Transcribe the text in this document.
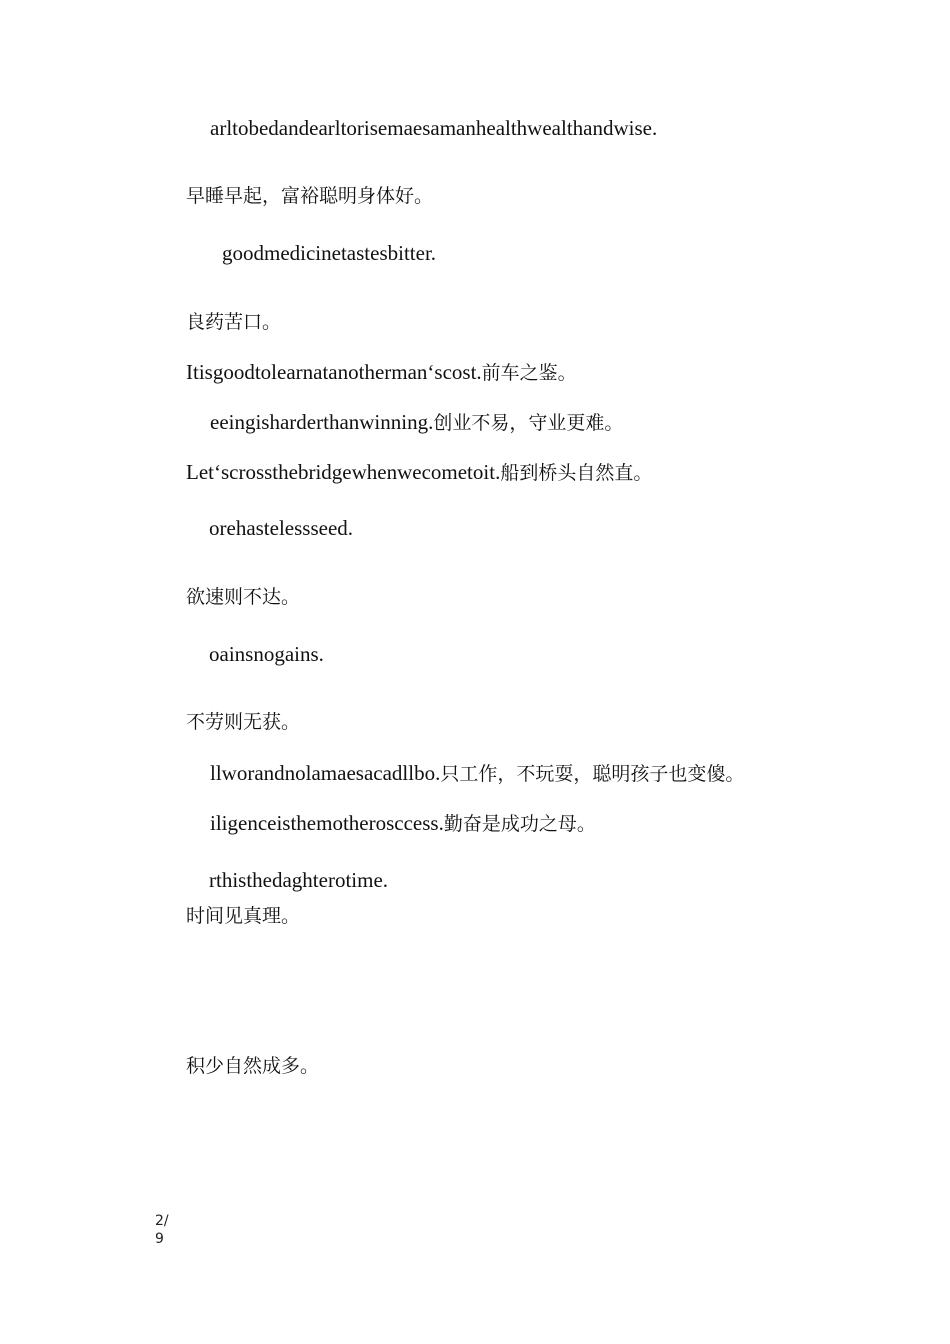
arltobedandearltorisemaesamanhealthwealthandwise.
早睡早起，富裕聪明身体好。
goodmedicinetastesbitter.
良药苦口。
Itisgoodtolearnatanotherman‘scost.前车之鉴。
eeingisharderthanwinning.创业不易，守业更难。
Let‘scrossthebridgewhenwecometoit.船到桥头自然直。
orehastelessseed.
欲速则不达。
oainsnogains.
不劳则无获。
llworandnolamaesacadllbo.只工作，不玩耍，聪明孩子也变傻。
iligenceisthemotherosccess.勤奋是成功之母。
rthisthedaghterotime.
时间见真理。
积少自然成多。
2/
9
